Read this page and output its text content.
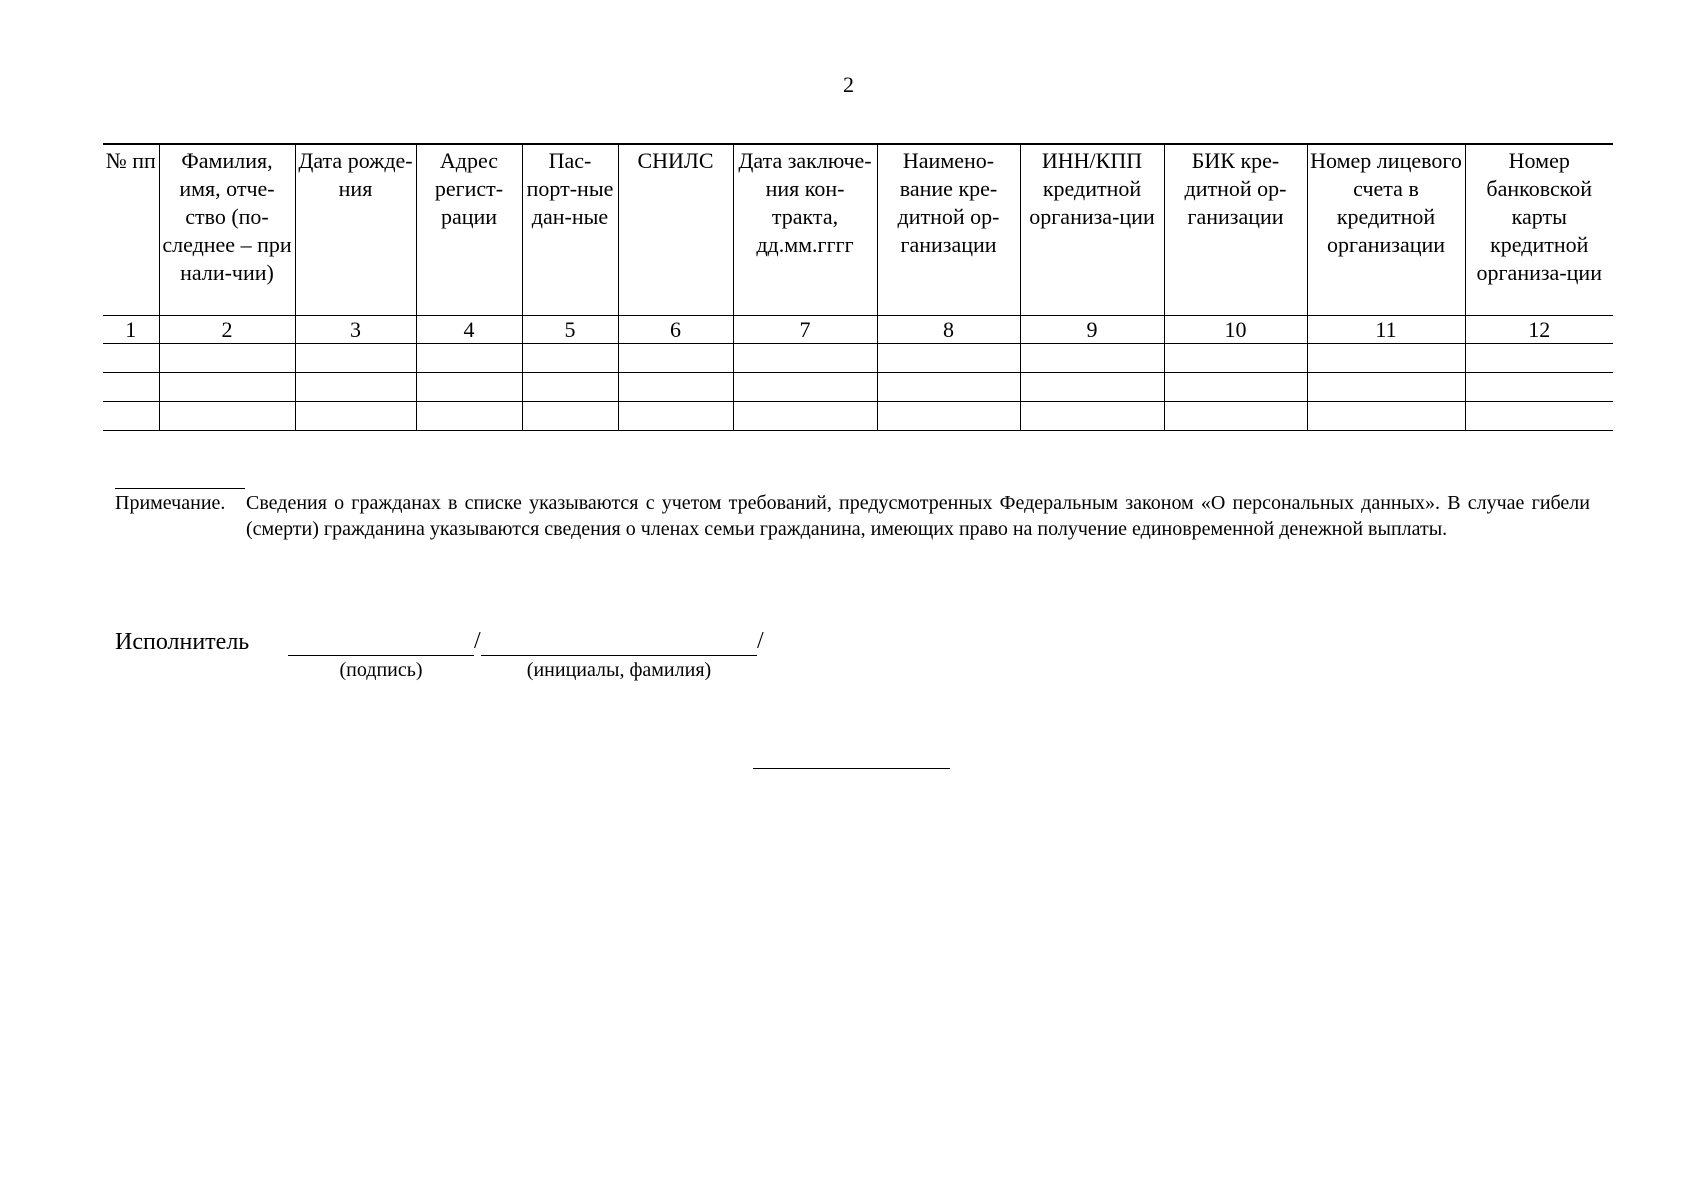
2
№ пп	Фамилия, имя, отче-ство (по-следнее – при нали-чии)	Дата рожде-ния	Адрес регист-рации	Пас-порт-ные дан-ные	СНИЛС	Дата заключе-ния кон-тракта, дд.мм.гггг	Наимено-вание кре-дитной ор-ганизации	ИНН/КПП кредитной организа-ции	БИК кре-дитной ор-ганизации	Номер лицевого счета в кредитной организации	Номер банковской карты кредитной организа-ции
1	2	3	4	5	6	7	8	9	10	11	12

Примечание. Сведения о гражданах в списке указываются с учетом требований, предусмотренных Федеральным законом «О персональных данных». В случае гибели (смерти) гражданина указываются сведения о членах семьи гражданина, имеющих право на получение единовременной денежной выплаты.
Исполнитель	/	/
(подпись)	(инициалы, фамилия)
